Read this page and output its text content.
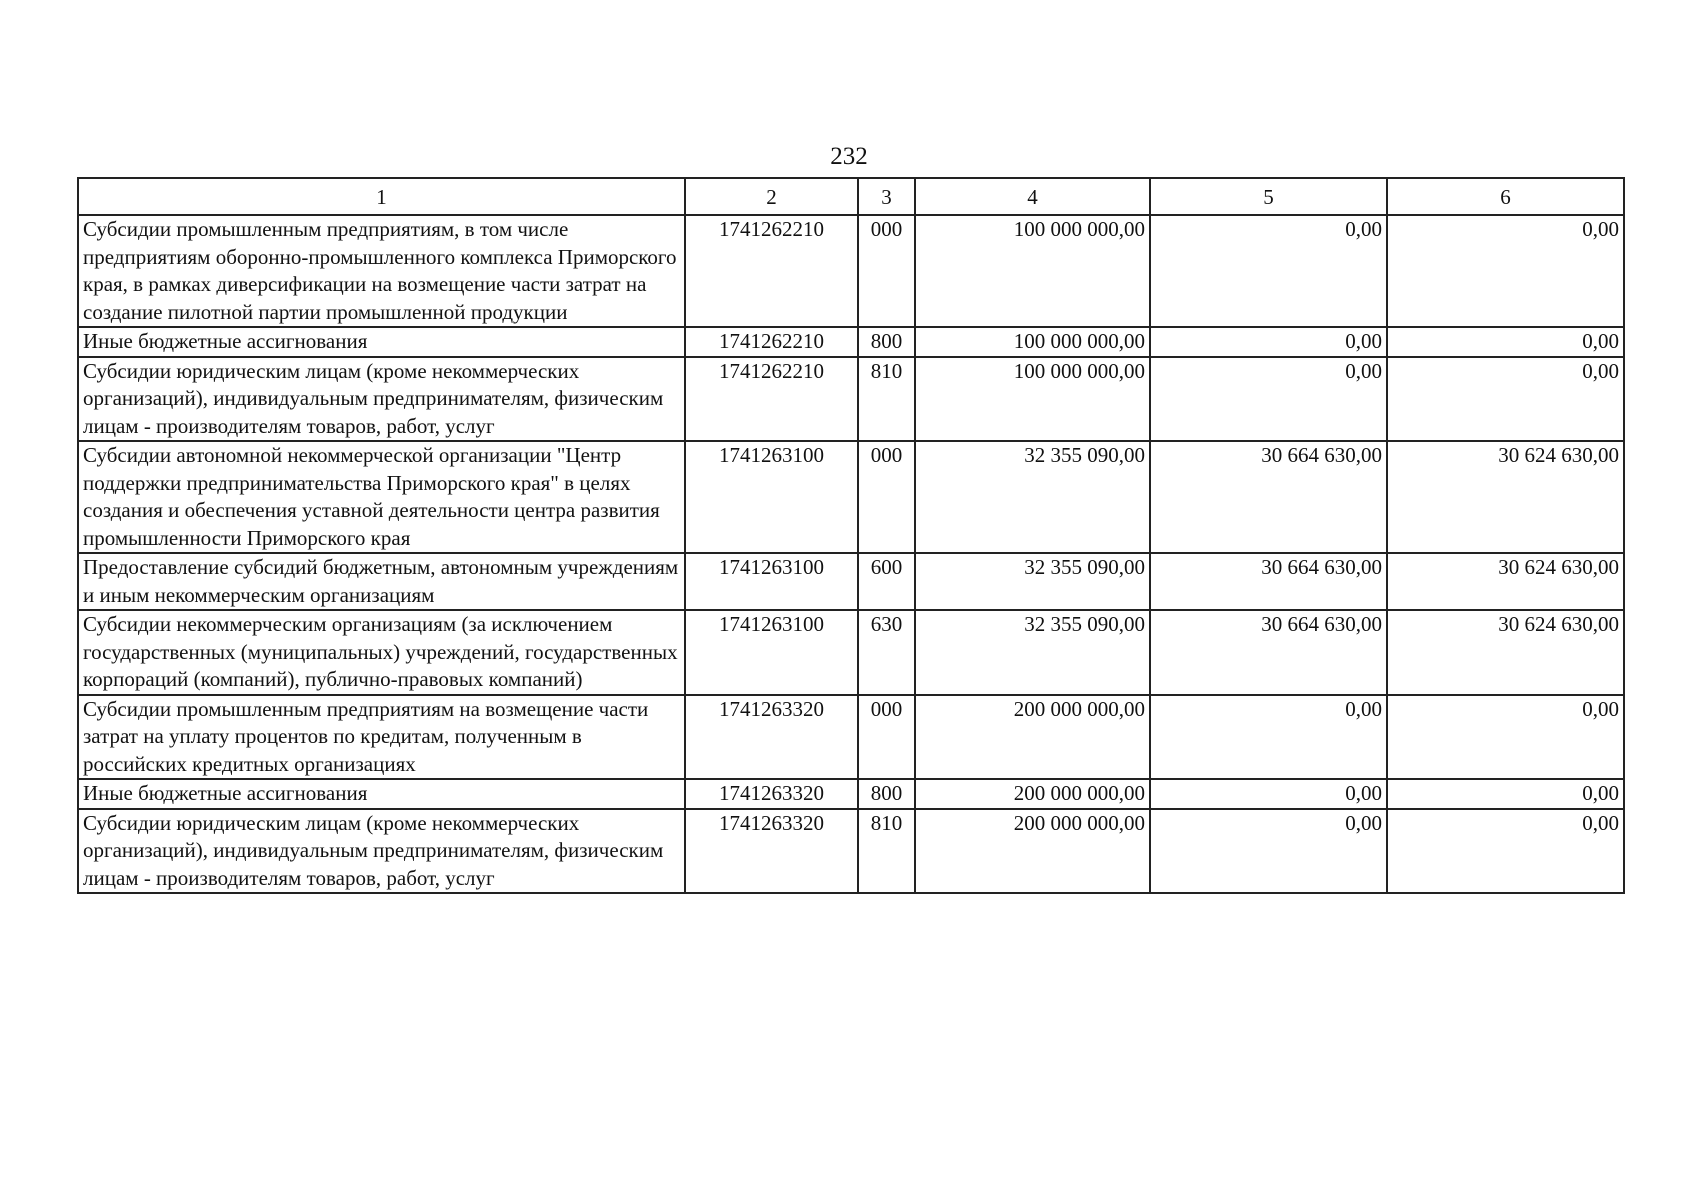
232
1	2	3	4	5	6
Субсидии промышленным предприятиям, в том числе предприятиям оборонно-промышленного комплекса Приморского края, в рамках диверсификации на возмещение части затрат на создание пилотной партии промышленной продукции	1741262210	000	100 000 000,00	0,00	0,00
Иные бюджетные ассигнования	1741262210	800	100 000 000,00	0,00	0,00
Субсидии юридическим лицам (кроме некоммерческих организаций), индивидуальным предпринимателям, физическим лицам - производителям товаров, работ, услуг	1741262210	810	100 000 000,00	0,00	0,00
Субсидии автономной некоммерческой организации "Центр поддержки предпринимательства Приморского края" в целях создания и обеспечения уставной деятельности центра развития промышленности Приморского края	1741263100	000	32 355 090,00	30 664 630,00	30 624 630,00
Предоставление субсидий бюджетным, автономным учреждениям и иным некоммерческим организациям	1741263100	600	32 355 090,00	30 664 630,00	30 624 630,00
Субсидии некоммерческим организациям (за исключением государственных (муниципальных) учреждений, государственных корпораций (компаний), публично-правовых компаний)	1741263100	630	32 355 090,00	30 664 630,00	30 624 630,00
Субсидии промышленным предприятиям на возмещение части затрат на уплату процентов по кредитам, полученным в российских кредитных организациях	1741263320	000	200 000 000,00	0,00	0,00
Иные бюджетные ассигнования	1741263320	800	200 000 000,00	0,00	0,00
Субсидии юридическим лицам (кроме некоммерческих организаций), индивидуальным предпринимателям, физическим лицам - производителям товаров, работ, услуг	1741263320	810	200 000 000,00	0,00	0,00
